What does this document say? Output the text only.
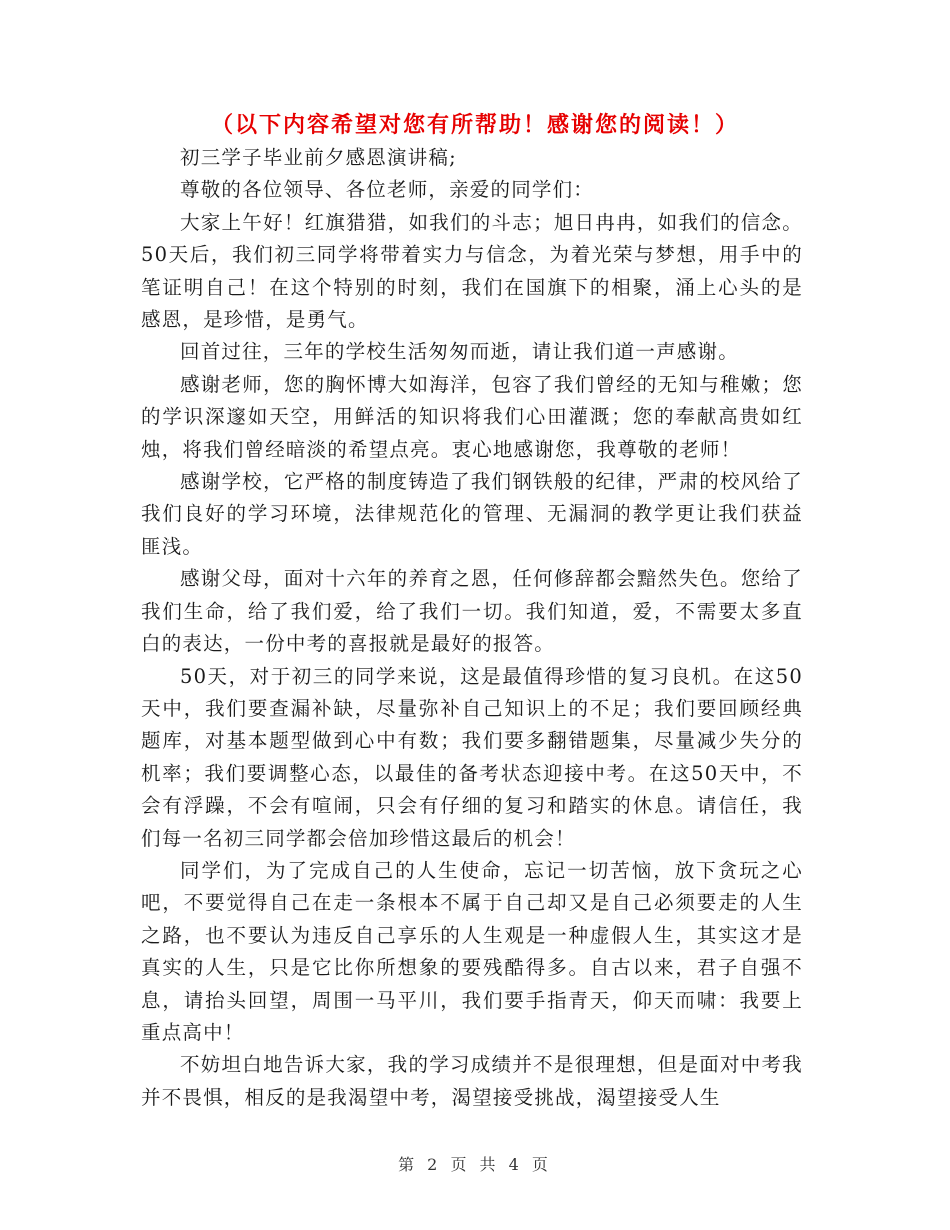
（以下内容希望对您有所帮助！感谢您的阅读！）

初三学子毕业前夕感恩演讲稿;

尊敬的各位领导、各位老师，亲爱的同学们：

大家上午好！红旗猎猎，如我们的斗志；旭日冉冉，如我们的信念。50天后，我们初三同学将带着实力与信念，为着光荣与梦想，用手中的笔证明自己！在这个特别的时刻，我们在国旗下的相聚，涌上心头的是感恩，是珍惜，是勇气。

回首过往，三年的学校生活匆匆而逝，请让我们道一声感谢。

感谢老师，您的胸怀博大如海洋，包容了我们曾经的无知与稚嫩；您的学识深邃如天空，用鲜活的知识将我们心田灌溉；您的奉献高贵如红烛，将我们曾经暗淡的希望点亮。衷心地感谢您，我尊敬的老师！

感谢学校，它严格的制度铸造了我们钢铁般的纪律，严肃的校风给了我们良好的学习环境，法律规范化的管理、无漏洞的教学更让我们获益匪浅。

感谢父母，面对十六年的养育之恩，任何修辞都会黯然失色。您给了我们生命，给了我们爱，给了我们一切。我们知道，爱，不需要太多直白的表达，一份中考的喜报就是最好的报答。

50天，对于初三的同学来说，这是最值得珍惜的复习良机。在这50天中，我们要查漏补缺，尽量弥补自己知识上的不足；我们要回顾经典题库，对基本题型做到心中有数；我们要多翻错题集，尽量减少失分的机率；我们要调整心态，以最佳的备考状态迎接中考。在这50天中，不会有浮躁，不会有喧闹，只会有仔细的复习和踏实的休息。请信任，我们每一名初三同学都会倍加珍惜这最后的机会！

同学们，为了完成自己的人生使命，忘记一切苦恼，放下贪玩之心吧，不要觉得自己在走一条根本不属于自己却又是自己必须要走的人生之路，也不要认为违反自己享乐的人生观是一种虚假人生，其实这才是真实的人生，只是它比你所想象的要残酷得多。自古以来，君子自强不息，请抬头回望，周围一马平川，我们要手指青天，仰天而啸：我要上重点高中！

不妨坦白地告诉大家，我的学习成绩并不是很理想，但是面对中考我并不畏惧，相反的是我渴望中考，渴望接受挑战，渴望接受人生

第 2 页 共 4 页
